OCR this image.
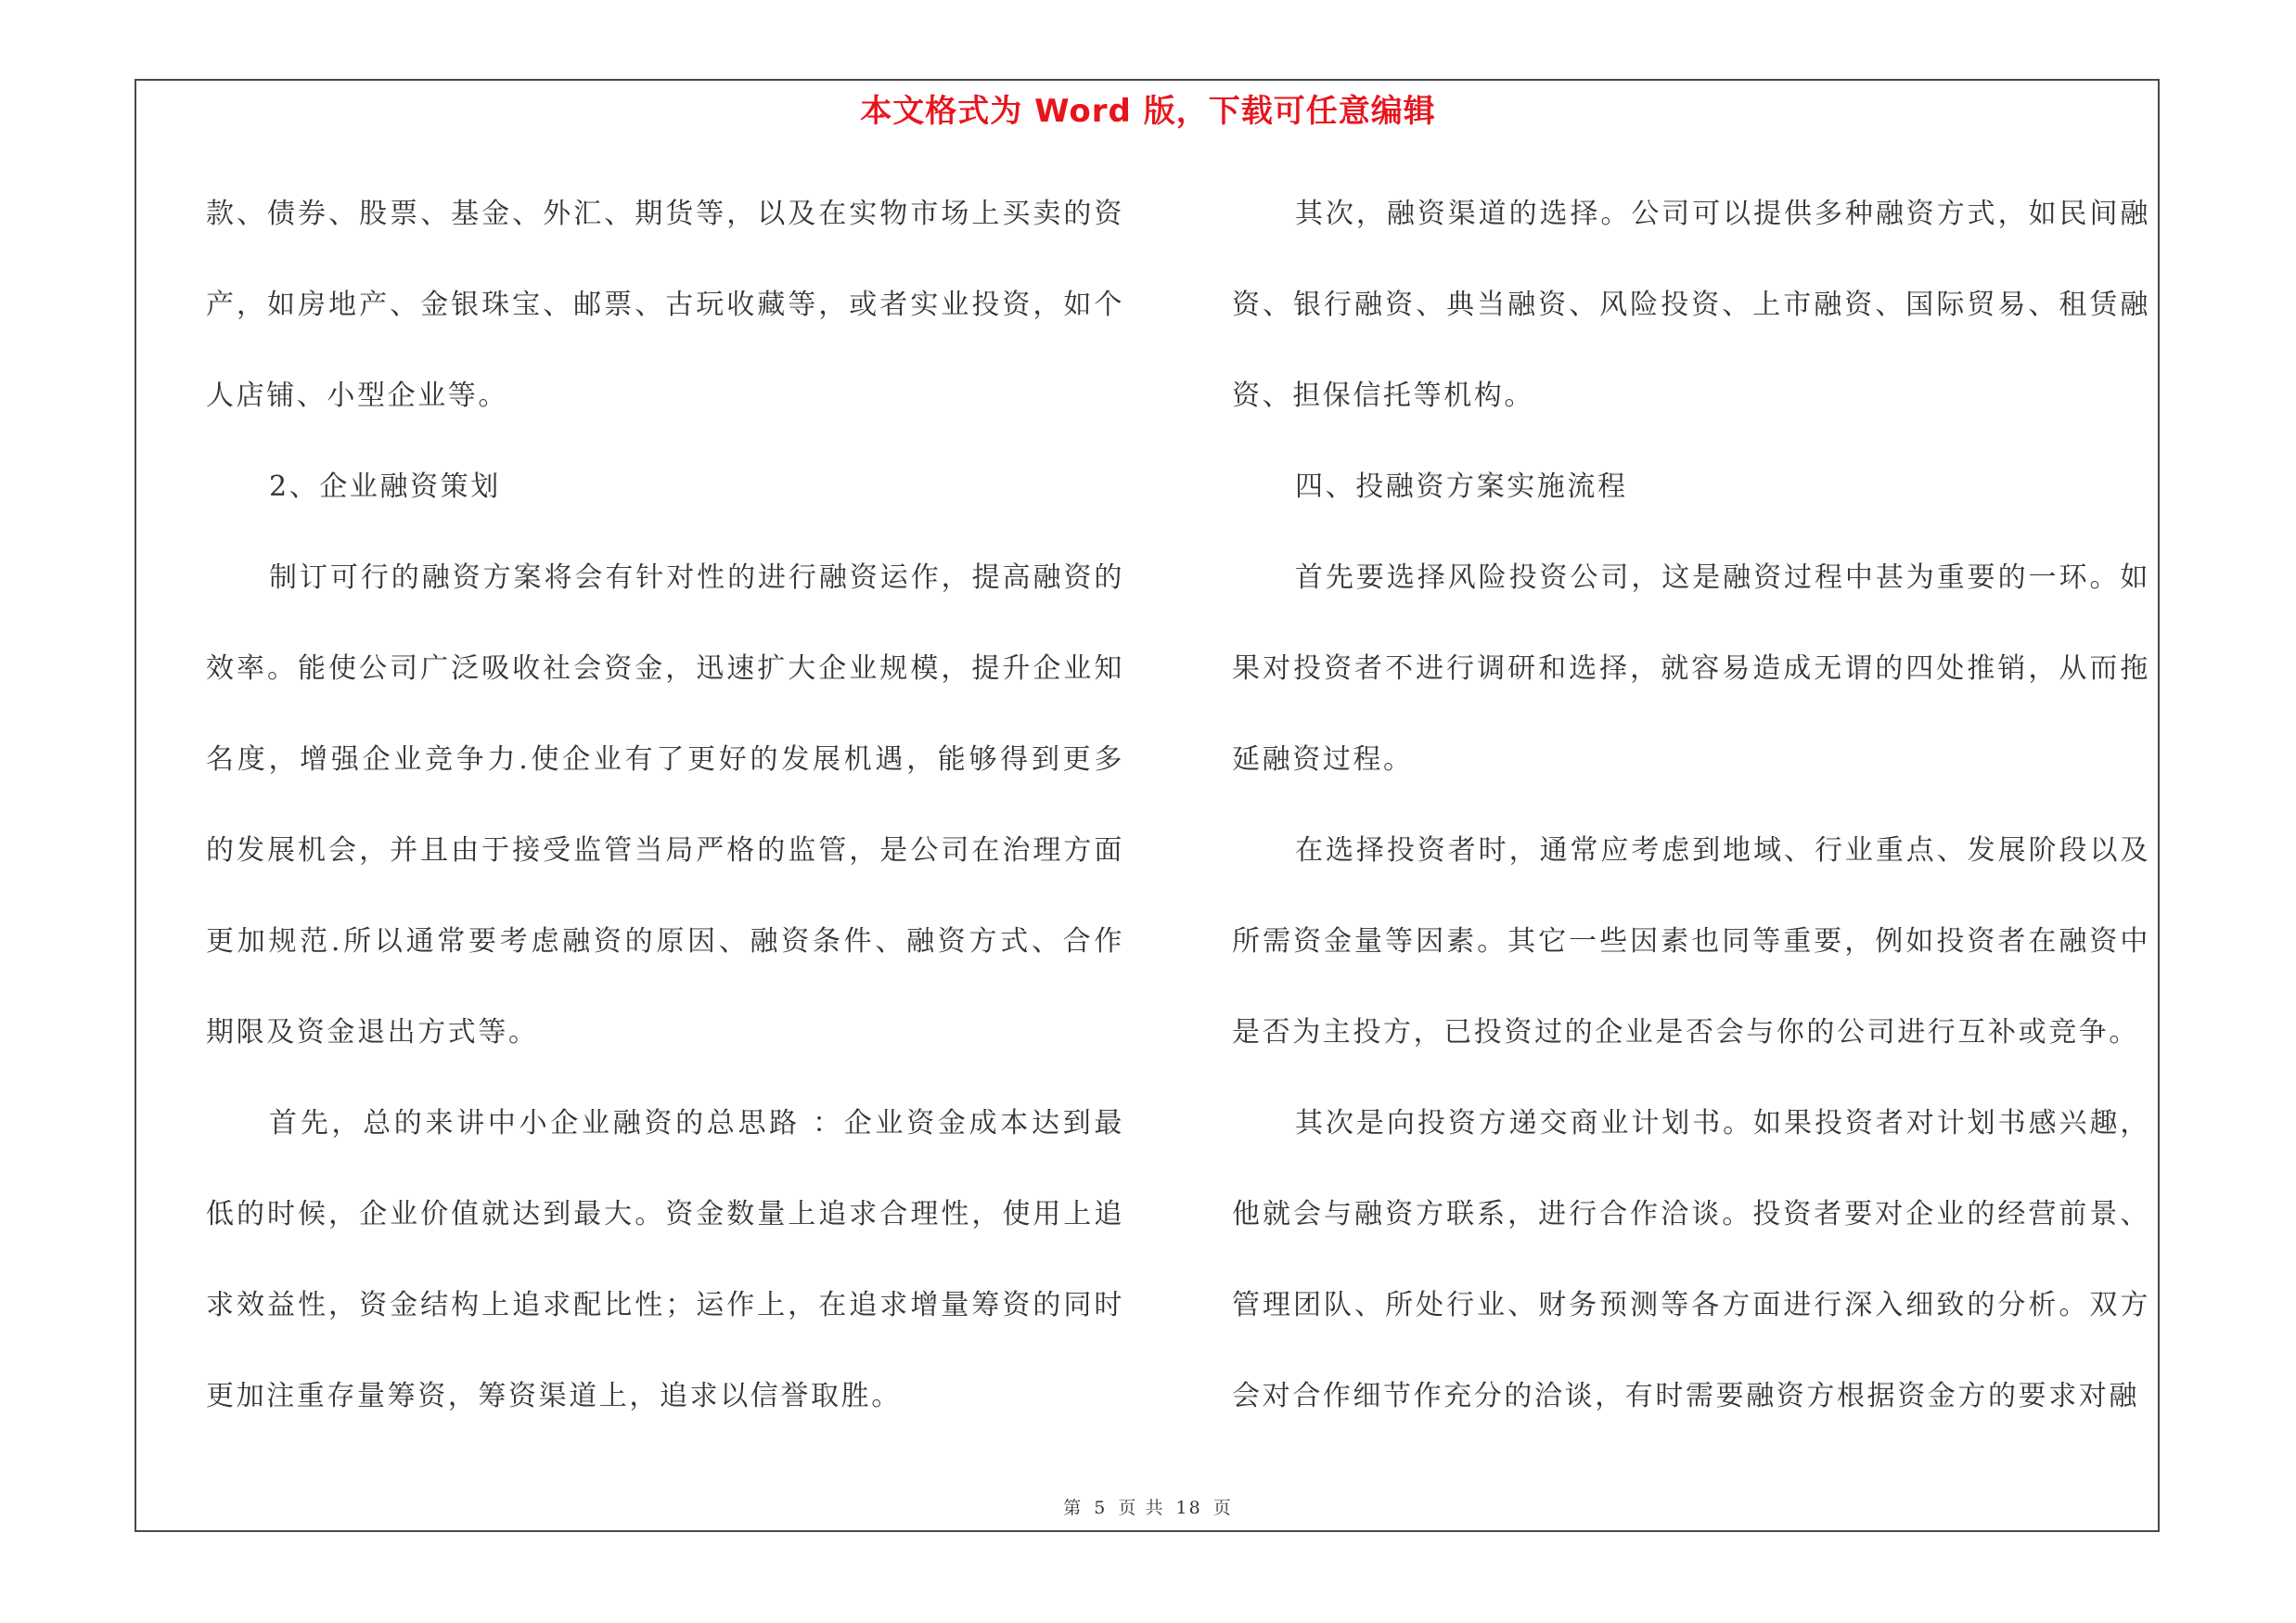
本文格式为 Word 版，下载可任意编辑

款、债券、股票、基金、外汇、期货等，以及在实物市场上买卖的资产，如房地产、金银珠宝、邮票、古玩收藏等，或者实业投资，如个人店铺、小型企业等。

2、企业融资策划

制订可行的融资方案将会有针对性的进行融资运作，提高融资的效率。能使公司广泛吸收社会资金，迅速扩大企业规模，提升企业知名度，增强企业竞争力.使企业有了更好的发展机遇，能够得到更多的发展机会，并且由于接受监管当局严格的监管，是公司在治理方面更加规范.所以通常要考虑融资的原因、融资条件、融资方式、合作期限及资金退出方式等。

首先，总的来讲中小企业融资的总思路 ：企业资金成本达到最低的时候，企业价值就达到最大。资金数量上追求合理性，使用上追求效益性，资金结构上追求配比性；运作上，在追求增量筹资的同时更加注重存量筹资，筹资渠道上，追求以信誉取胜。

其次，融资渠道的选择。公司可以提供多种融资方式，如民间融资、银行融资、典当融资、风险投资、上市融资、国际贸易、租赁融资、担保信托等机构。

四、投融资方案实施流程

首先要选择风险投资公司，这是融资过程中甚为重要的一环。如果对投资者不进行调研和选择，就容易造成无谓的四处推销，从而拖延融资过程。

在选择投资者时，通常应考虑到地域、行业重点、发展阶段以及所需资金量等因素。其它一些因素也同等重要，例如投资者在融资中是否为主投方，已投资过的企业是否会与你的公司进行互补或竞争。

其次是向投资方递交商业计划书。如果投资者对计划书感兴趣，他就会与融资方联系，进行合作洽谈。投资者要对企业的经营前景、管理团队、所处行业、财务预测等各方面进行深入细致的分析。双方会对合作细节作充分的洽谈，有时需要融资方根据资金方的要求对融

第 5 页 共 18 页
